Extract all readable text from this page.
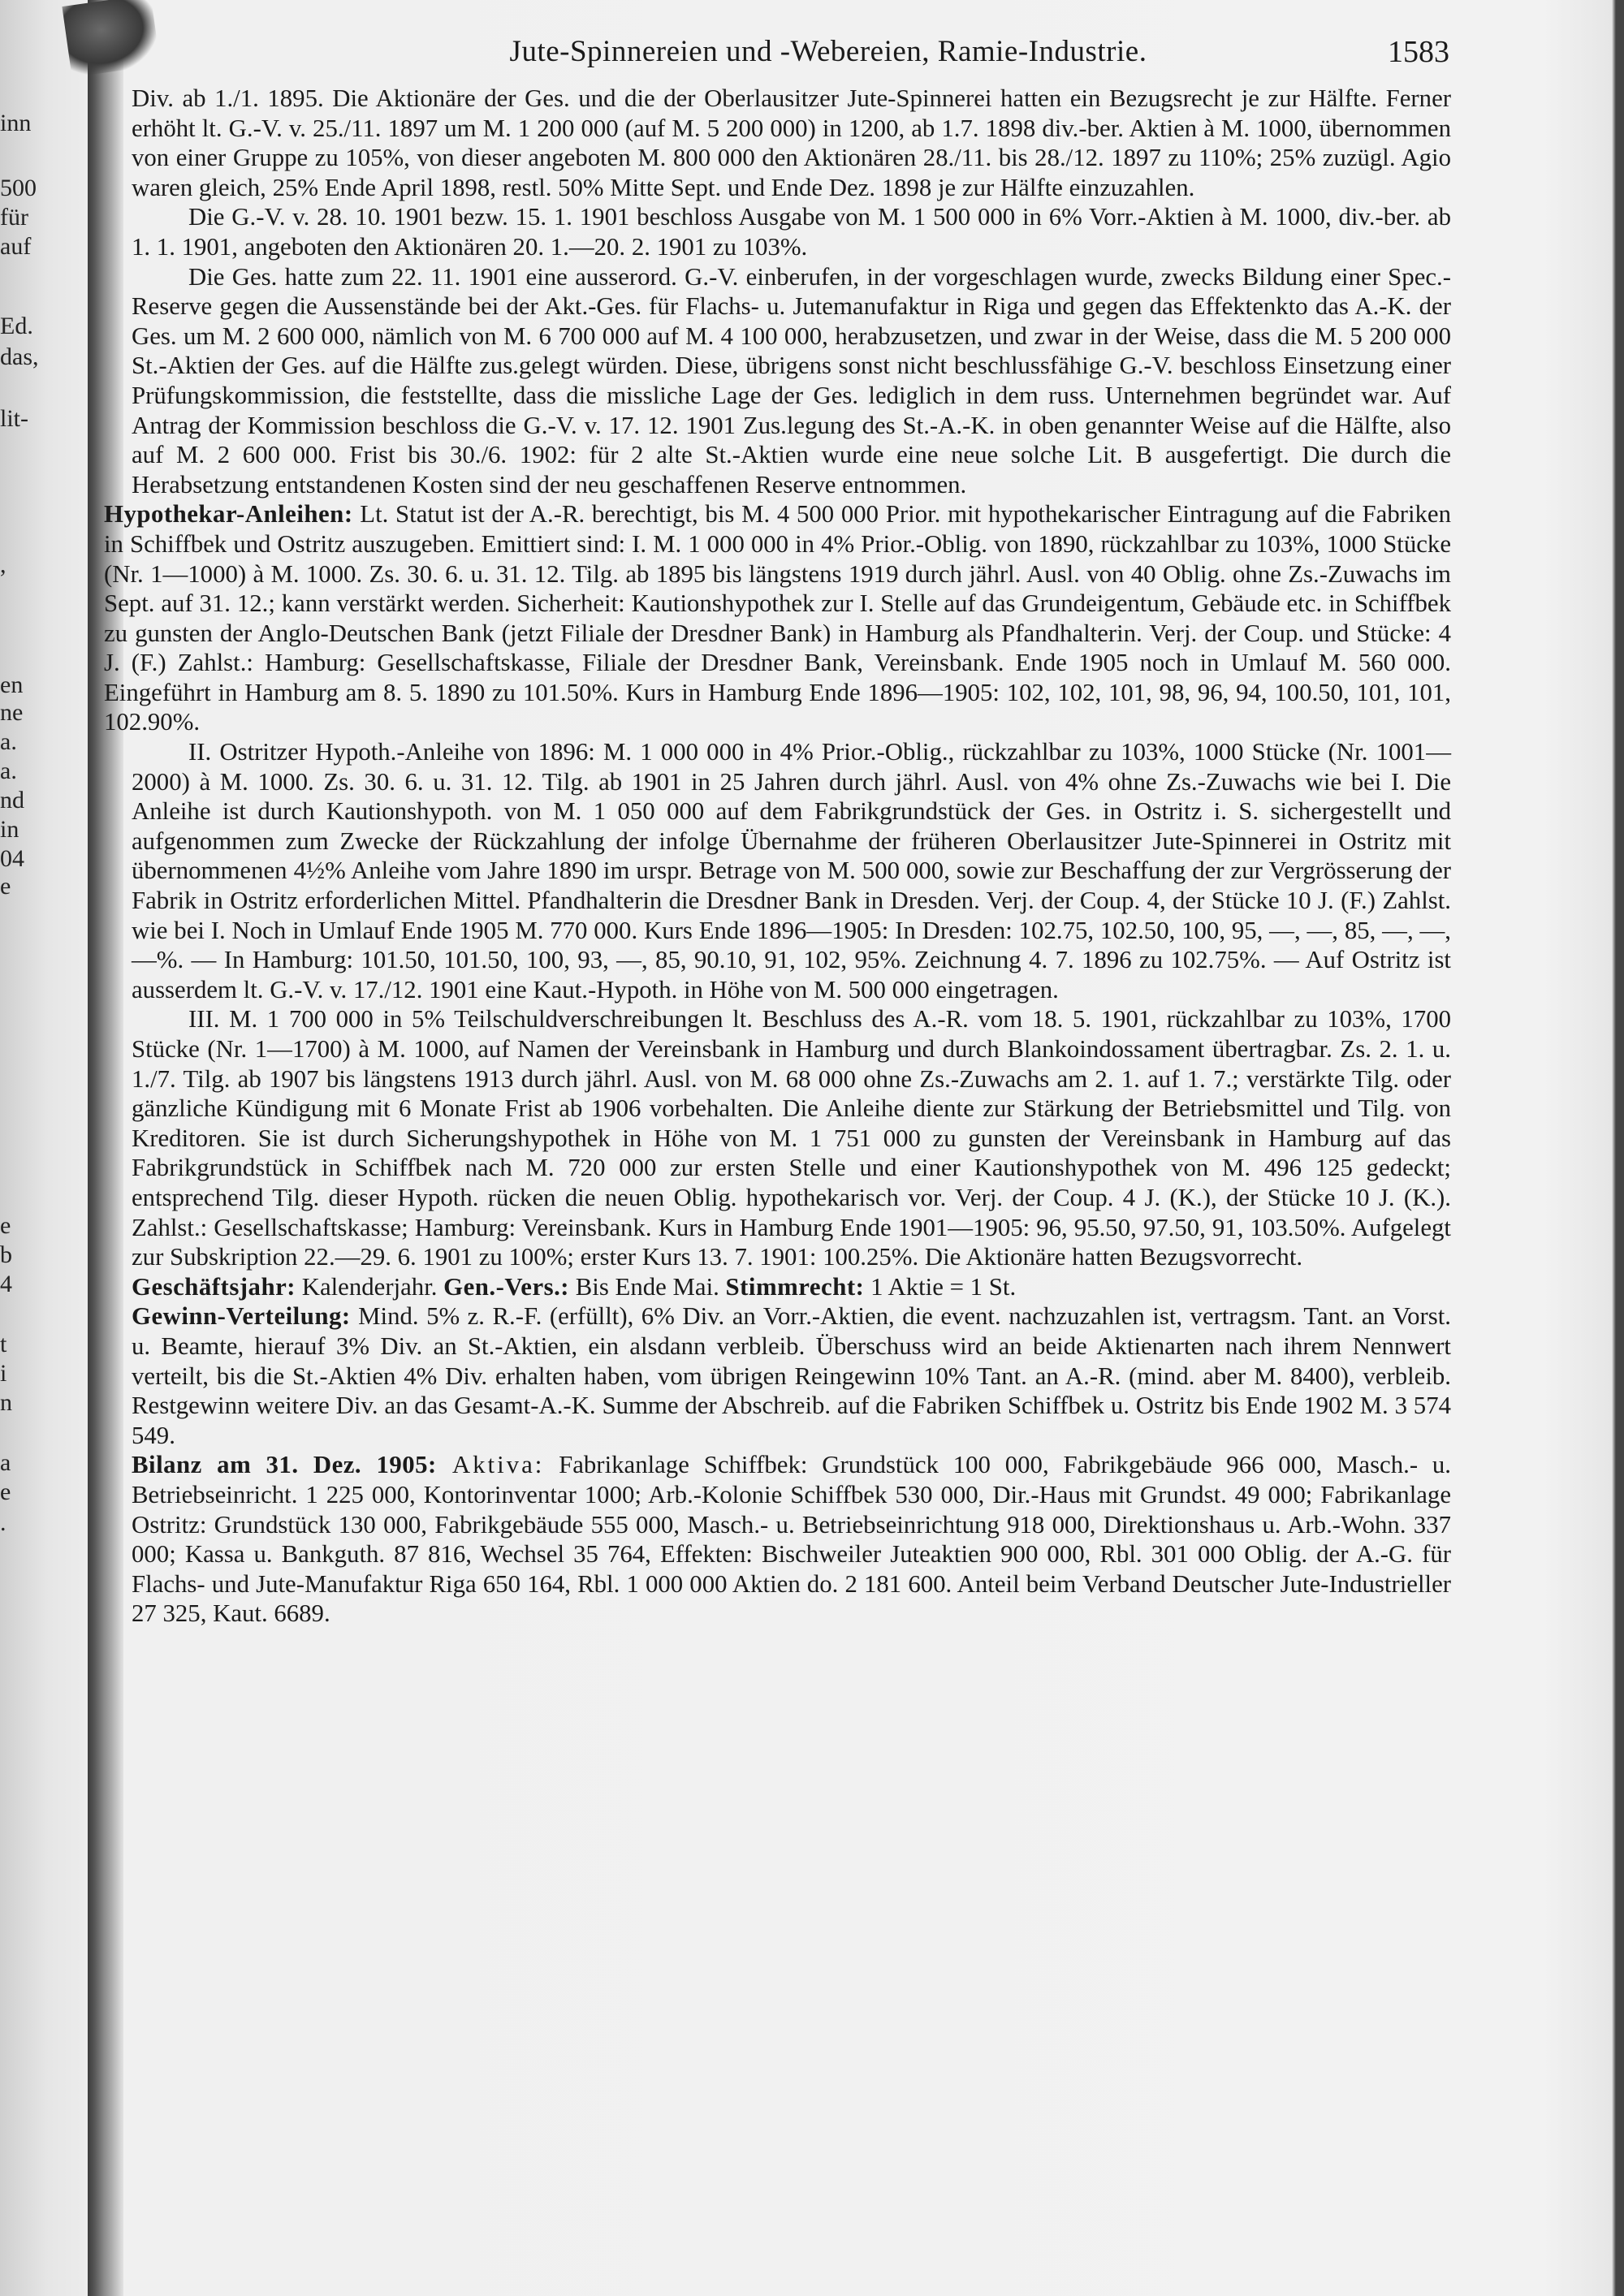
inn
500
für
auf
Ed.
das,
lit-
,
en
ne
a.
a.
nd
in
04
e
e
b
4
t
i
n
a
e
.
Jute-Spinnereien und -Webereien, Ramie-Industrie.	1583

Div. ab 1./1. 1895. Die Aktionäre der Ges. und die der Oberlausitzer Jute-Spinnerei hatten ein Bezugsrecht je zur Hälfte. Ferner erhöht lt. G.-V. v. 25./11. 1897 um M. 1 200 000 (auf M. 5 200 000) in 1200, ab 1.7. 1898 div.-ber. Aktien à M. 1000, übernommen von einer Gruppe zu 105%, von dieser angeboten M. 800 000 den Aktionären 28./11. bis 28./12. 1897 zu 110%; 25% zuzügl. Agio waren gleich, 25% Ende April 1898, restl. 50% Mitte Sept. und Ende Dez. 1898 je zur Hälfte einzuzahlen.

Die G.-V. v. 28. 10. 1901 bezw. 15. 1. 1901 beschloss Ausgabe von M. 1 500 000 in 6% Vorr.-Aktien à M. 1000, div.-ber. ab 1. 1. 1901, angeboten den Aktionären 20. 1.—20. 2. 1901 zu 103%.

Die Ges. hatte zum 22. 11. 1901 eine ausserord. G.-V. einberufen, in der vorgeschlagen wurde, zwecks Bildung einer Spec.-Reserve gegen die Aussenstände bei der Akt.-Ges. für Flachs- u. Jutemanufaktur in Riga und gegen das Effektenkto das A.-K. der Ges. um M. 2 600 000, nämlich von M. 6 700 000 auf M. 4 100 000, herabzusetzen, und zwar in der Weise, dass die M. 5 200 000 St.-Aktien der Ges. auf die Hälfte zus.gelegt würden. Diese, übrigens sonst nicht beschlussfähige G.-V. beschloss Einsetzung einer Prüfungskommission, die feststellte, dass die missliche Lage der Ges. lediglich in dem russ. Unternehmen begründet war. Auf Antrag der Kommission beschloss die G.-V. v. 17. 12. 1901 Zus.legung des St.-A.-K. in oben genannter Weise auf die Hälfte, also auf M. 2 600 000. Frist bis 30./6. 1902: für 2 alte St.-Aktien wurde eine neue solche Lit. B ausgefertigt. Die durch die Herabsetzung entstandenen Kosten sind der neu geschaffenen Reserve entnommen.

Hypothekar-Anleihen: Lt. Statut ist der A.-R. berechtigt, bis M. 4 500 000 Prior. mit hypothekarischer Eintragung auf die Fabriken in Schiffbek und Ostritz auszugeben. Emittiert sind: I. M. 1 000 000 in 4% Prior.-Oblig. von 1890, rückzahlbar zu 103%, 1000 Stücke (Nr. 1—1000) à M. 1000. Zs. 30. 6. u. 31. 12. Tilg. ab 1895 bis längstens 1919 durch jährl. Ausl. von 40 Oblig. ohne Zs.-Zuwachs im Sept. auf 31. 12.; kann verstärkt werden. Sicherheit: Kautionshypothek zur I. Stelle auf das Grundeigentum, Gebäude etc. in Schiffbek zu gunsten der Anglo-Deutschen Bank (jetzt Filiale der Dresdner Bank) in Hamburg als Pfandhalterin. Verj. der Coup. und Stücke: 4 J. (F.) Zahlst.: Hamburg: Gesellschaftskasse, Filiale der Dresdner Bank, Vereinsbank. Ende 1905 noch in Umlauf M. 560 000. Eingeführt in Hamburg am 8. 5. 1890 zu 101.50%. Kurs in Hamburg Ende 1896—1905: 102, 102, 101, 98, 96, 94, 100.50, 101, 101, 102.90%.

II. Ostritzer Hypoth.-Anleihe von 1896: M. 1 000 000 in 4% Prior.-Oblig., rückzahlbar zu 103%, 1000 Stücke (Nr. 1001—2000) à M. 1000. Zs. 30. 6. u. 31. 12. Tilg. ab 1901 in 25 Jahren durch jährl. Ausl. von 4% ohne Zs.-Zuwachs wie bei I. Die Anleihe ist durch Kautionshypoth. von M. 1 050 000 auf dem Fabrikgrundstück der Ges. in Ostritz i. S. sichergestellt und aufgenommen zum Zwecke der Rückzahlung der infolge Übernahme der früheren Oberlausitzer Jute-Spinnerei in Ostritz mit übernommenen 4½% Anleihe vom Jahre 1890 im urspr. Betrage von M. 500 000, sowie zur Beschaffung der zur Vergrösserung der Fabrik in Ostritz erforderlichen Mittel. Pfandhalterin die Dresdner Bank in Dresden. Verj. der Coup. 4, der Stücke 10 J. (F.) Zahlst. wie bei I. Noch in Umlauf Ende 1905 M. 770 000. Kurs Ende 1896—1905: In Dresden: 102.75, 102.50, 100, 95, —, —, 85, —, —, —%. — In Hamburg: 101.50, 101.50, 100, 93, —, 85, 90.10, 91, 102, 95%. Zeichnung 4. 7. 1896 zu 102.75%. — Auf Ostritz ist ausserdem lt. G.-V. v. 17./12. 1901 eine Kaut.-Hypoth. in Höhe von M. 500 000 eingetragen.

III. M. 1 700 000 in 5% Teilschuldverschreibungen lt. Beschluss des A.-R. vom 18. 5. 1901, rückzahlbar zu 103%, 1700 Stücke (Nr. 1—1700) à M. 1000, auf Namen der Vereinsbank in Hamburg und durch Blankoindossament übertragbar. Zs. 2. 1. u. 1./7. Tilg. ab 1907 bis längstens 1913 durch jährl. Ausl. von M. 68 000 ohne Zs.-Zuwachs am 2. 1. auf 1. 7.; verstärkte Tilg. oder gänzliche Kündigung mit 6 Monate Frist ab 1906 vorbehalten. Die Anleihe diente zur Stärkung der Betriebsmittel und Tilg. von Kreditoren. Sie ist durch Sicherungshypothek in Höhe von M. 1 751 000 zu gunsten der Vereinsbank in Hamburg auf das Fabrikgrundstück in Schiffbek nach M. 720 000 zur ersten Stelle und einer Kautionshypothek von M. 496 125 gedeckt; entsprechend Tilg. dieser Hypoth. rücken die neuen Oblig. hypothekarisch vor. Verj. der Coup. 4 J. (K.), der Stücke 10 J. (K.). Zahlst.: Gesellschaftskasse; Hamburg: Vereinsbank. Kurs in Hamburg Ende 1901—1905: 96, 95.50, 97.50, 91, 103.50%. Aufgelegt zur Subskription 22.—29. 6. 1901 zu 100%; erster Kurs 13. 7. 1901: 100.25%. Die Aktionäre hatten Bezugsvorrecht.

Geschäftsjahr: Kalenderjahr. Gen.-Vers.: Bis Ende Mai. Stimmrecht: 1 Aktie = 1 St.

Gewinn-Verteilung: Mind. 5% z. R.-F. (erfüllt), 6% Div. an Vorr.-Aktien, die event. nachzuzahlen ist, vertragsm. Tant. an Vorst. u. Beamte, hierauf 3% Div. an St.-Aktien, ein alsdann verbleib. Überschuss wird an beide Aktienarten nach ihrem Nennwert verteilt, bis die St.-Aktien 4% Div. erhalten haben, vom übrigen Reingewinn 10% Tant. an A.-R. (mind. aber M. 8400), verbleib. Restgewinn weitere Div. an das Gesamt-A.-K. Summe der Abschreib. auf die Fabriken Schiffbek u. Ostritz bis Ende 1902 M. 3 574 549.

Bilanz am 31. Dez. 1905: Aktiva: Fabrikanlage Schiffbek: Grundstück 100 000, Fabrikgebäude 966 000, Masch.- u. Betriebseinricht. 1 225 000, Kontorinventar 1000; Arb.-Kolonie Schiffbek 530 000, Dir.-Haus mit Grundst. 49 000; Fabrikanlage Ostritz: Grundstück 130 000, Fabrikgebäude 555 000, Masch.- u. Betriebseinrichtung 918 000, Direktionshaus u. Arb.-Wohn. 337 000; Kassa u. Bankguth. 87 816, Wechsel 35 764, Effekten: Bischweiler Juteaktien 900 000, Rbl. 301 000 Oblig. der A.-G. für Flachs- und Jute-Manufaktur Riga 650 164, Rbl. 1 000 000 Aktien do. 2 181 600. Anteil beim Verband Deutscher Jute-Industrieller 27 325, Kaut. 6689.
